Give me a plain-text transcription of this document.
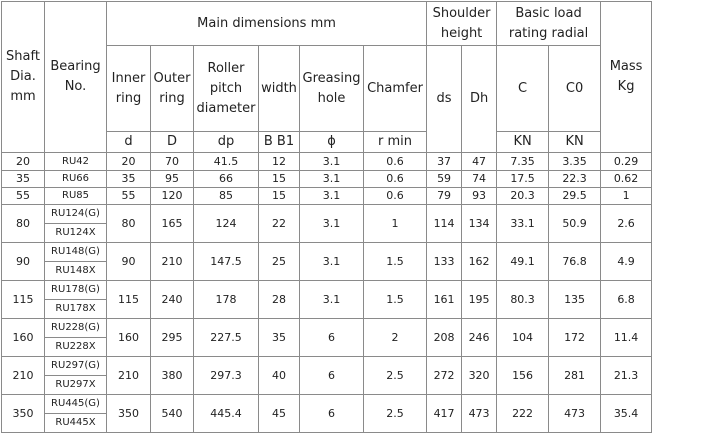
Shaft Dia. mm	Bearing No.	Main dimensions mm						Shoulder height		Basic load rating radial		Mass Kg
		Inner ring	Outer ring	Roller pitch diameter	width	Greasing hole	Chamfer	ds	Dh	C	C0	
		d	D	dp	B B1	ϕ	r min			KN	KN	
20	RU42	20	70	41.5	12	3.1	0.6	37	47	7.35	3.35	0.29
35	RU66	35	95	66	15	3.1	0.6	59	74	17.5	22.3	0.62
55	RU85	55	120	85	15	3.1	0.6	79	93	20.3	29.5	1
80	RU124(G)	80	165	124	22	3.1	1	114	134	33.1	50.9	2.6
	RU124X											
90	RU148(G)	90	210	147.5	25	3.1	1.5	133	162	49.1	76.8	4.9
	RU148X											
115	RU178(G)	115	240	178	28	3.1	1.5	161	195	80.3	135	6.8
	RU178X											
160	RU228(G)	160	295	227.5	35	6	2	208	246	104	172	11.4
	RU228X											
210	RU297(G)	210	380	297.3	40	6	2.5	272	320	156	281	21.3
	RU297X											
350	RU445(G)	350	540	445.4	45	6	2.5	417	473	222	473	35.4
	RU445X											
